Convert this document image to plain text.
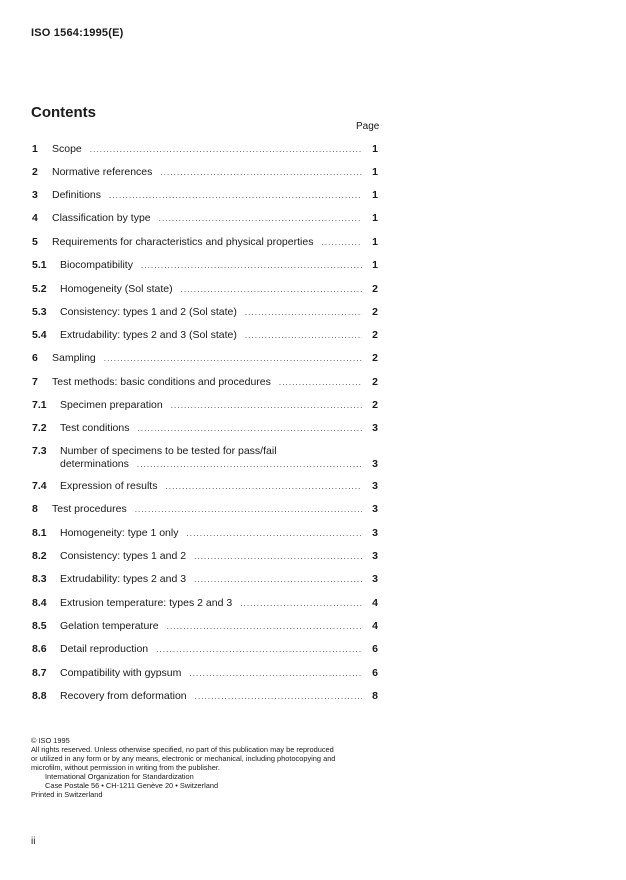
ISO 1564:1995(E)
Contents
Page
1	Scope .....	1
2	Normative references .....	1
3	Definitions .....	1
4	Classification by type .....	1
5	Requirements for characteristics and physical properties .....	1
5.1	Biocompatibility .....	1
5.2	Homogeneity (Sol state) .....	2
5.3	Consistency: types 1 and 2 (Sol state) .....	2
5.4	Extrudability: types 2 and 3 (Sol state) .....	2
6	Sampling .....	2
7	Test methods: basic conditions and procedures .....	2
7.1	Specimen preparation .....	2
7.2	Test conditions .....	3
7.3	Number of specimens to be tested for pass/fail
determinations .....	3
7.4	Expression of results .....	3
8	Test procedures .....	3
8.1	Homogeneity: type 1 only .....	3
8.2	Consistency: types 1 and 2 .....	3
8.3	Extrudability: types 2 and 3 .....	3
8.4	Extrusion temperature: types 2 and 3 .....	4
8.5	Gelation temperature .....	4
8.6	Detail reproduction .....	6
8.7	Compatibility with gypsum .....	6
8.8	Recovery from deformation .....	8
© ISO 1995
All rights reserved. Unless otherwise specified, no part of this publication may be reproduced
or utilized in any form or by any means, electronic or mechanical, including photocopying and
microfilm, without permission in writing from the publisher.
International Organization for Standardization
Case Postale 56 • CH-1211 Genève 20 • Switzerland
Printed in Switzerland
ii
